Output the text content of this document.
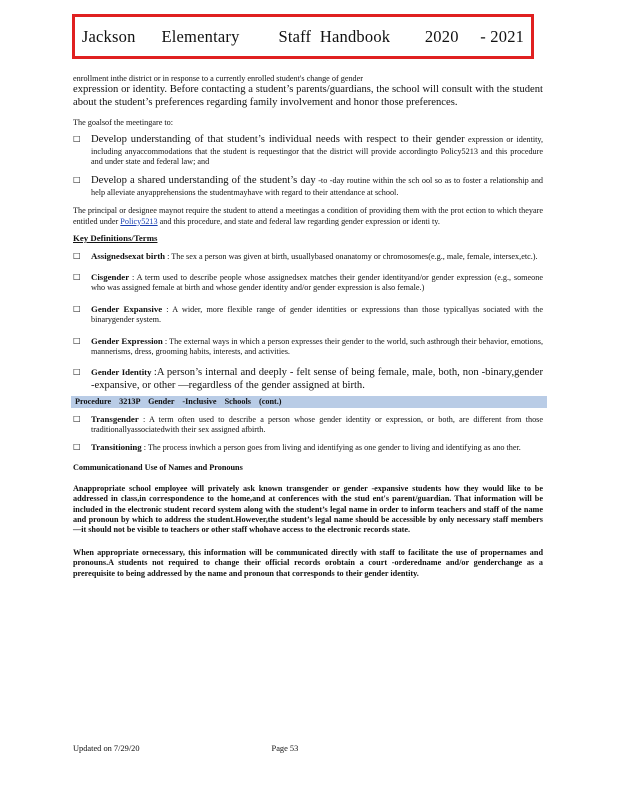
Jackson
Elementary
Staff
Handbook
2020
- 2021

enrollment inthe district or in response to a currently enrolled student's change of gender

expression or identity. Before contacting a student’s parents/guardians, the school will consult with the student about the student’s preferences regarding family involvement and honor those preferences.

The goalsof the meetingare to:

□ Develop understanding of that student’s individual needs with respect to their gender expression or identity, including anyaccommodations that the student is requestingor that the district will provide accordingto Policy5213 and this procedure and under state and federal law; and

□ Develop a shared understanding of the student’s day -to -day routine within the sch ool so as to foster a relationship and help alleviate anyapprehensions the studentmayhave with regard to their attendance at school.

The principal or designee maynot require the student to attend a meetingas a condition of providing them with the prot ection to which theyare entitled under Policy5213 and this procedure, and state and federal law regarding gender expression or identi ty.

Key Definitions/Terms

□ Assignedsexat birth : The sex a person was given at birth, usuallybased onanatomy or chromosomes(e.g., male, female, intersex,etc.).

□ Cisgender : A term used to describe people whose assignedsex matches their gender identityand/or gender expression (e.g., someone who was assigned female at birth and whose gender identity and/or gender expression is also female.)

□ Gender Expansive : A wider, more flexible range of gender identities or expressions than those typicallyas sociated with the binarygender system.

□ Gender Expression : The external ways in which a person expresses their gender to the world, such asthrough their behavior, emotions, mannerisms, dress, grooming habits, interests, and activities.

□ Gender Identity :A person’s internal and deeply - felt sense of being female, male, both, non -binary,gender -expansive, or other —regardless of the gender assigned at birth.

Procedure 3213P Gender -Inclusive Schools (cont.)
□ Transgender : A term often used to describe a person whose gender identity or expression, or both, are different from those traditionallyassociatedwith their sex assigned afbirth.

□ Transitioning : The process inwhich a person goes from living and identifying as one gender to living and identifying as ano ther.

Communicationand Use of Names and Pronouns

Anappropriate school employee will privately ask known transgender or gender -expansive students how they would like to be addressed in class,in correspondence to the home,and at conferences with the stud ent's parent/guardian. That information will be included in the electronic student record system along with the student’s legal name in order to inform teachers and staff of the name and pronoun by which to address the student.However,the student’s legal name should be accessible by only necessary staff members —it should not be visible to teachers or other staff whohave access to the electronic records state.

When appropriate ornecessary, this information will be communicated directly with staff to facilitate the use of propernames and pronouns.A students not required to change their official records orobtain a court -orderedname and/or genderchange as a prerequisite to being addressed by the name and pronoun that corresponds to their gender identity.

Updated on 7/29/20	Page 53
